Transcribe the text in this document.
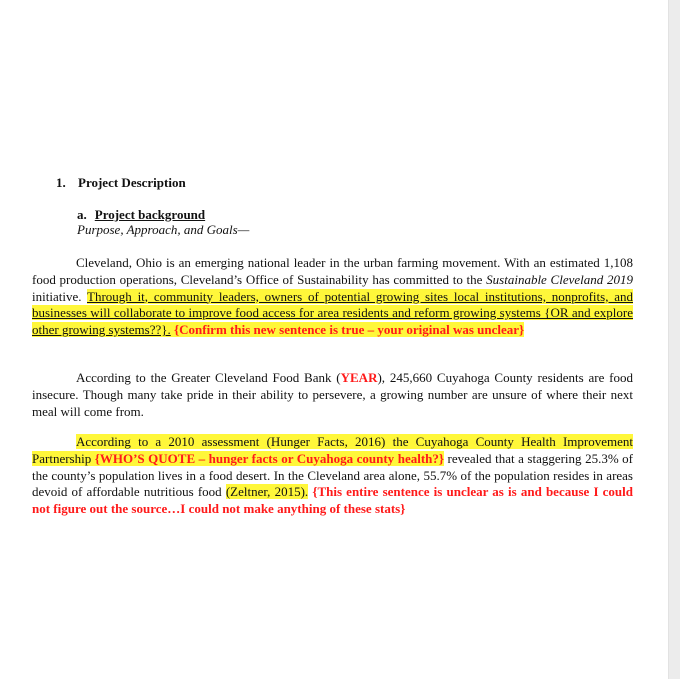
1. Project Description
a. Project background
Purpose, Approach, and Goals—
Cleveland, Ohio is an emerging national leader in the urban farming movement. With an estimated 1,108 food production operations, Cleveland’s Office of Sustainability has committed to the Sustainable Cleveland 2019 initiative. Through it, community leaders, owners of potential growing sites local institutions, nonprofits, and businesses will collaborate to improve food access for area residents and reform growing systems {OR and explore other growing systems??}. {Confirm this new sentence is true – your original was unclear}
According to the Greater Cleveland Food Bank (YEAR), 245,660 Cuyahoga County residents are food insecure. Though many take pride in their ability to persevere, a growing number are unsure of where their next meal will come from.
According to a 2010 assessment (Hunger Facts, 2016) the Cuyahoga County Health Improvement Partnership {WHO’S QUOTE – hunger facts or Cuyahoga county health?} revealed that a staggering 25.3% of the county’s population lives in a food desert. In the Cleveland area alone, 55.7% of the population resides in areas devoid of affordable nutritious food (Zeltner, 2015). {This entire sentence is unclear as is and because I could not figure out the source…I could not make anything of these stats}
